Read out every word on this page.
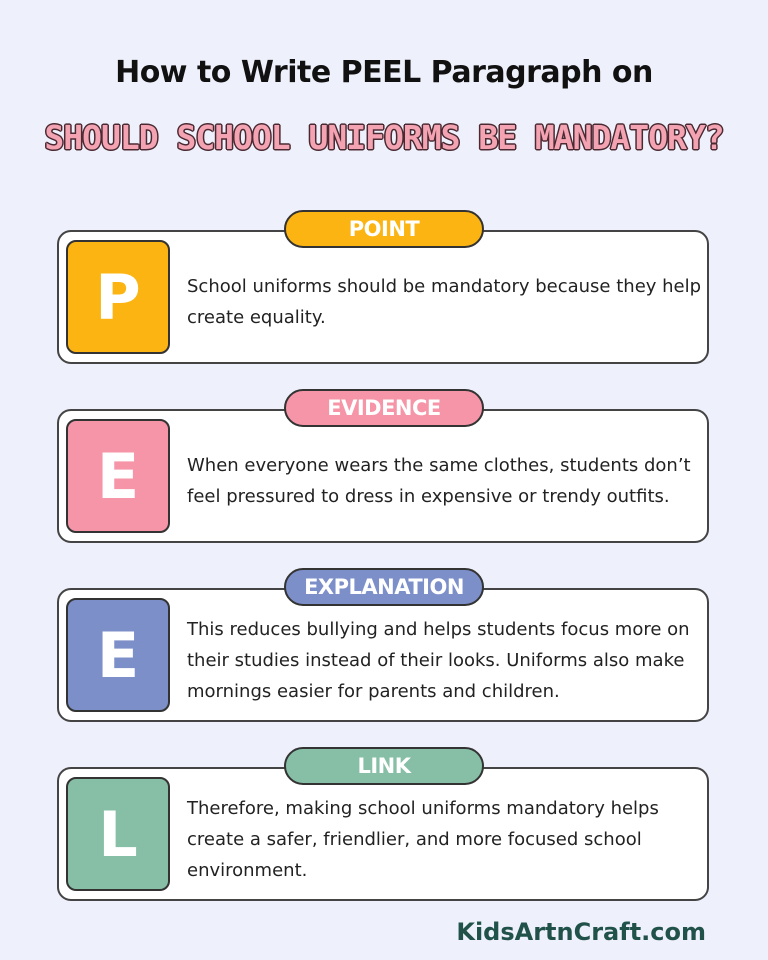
How to Write PEEL Paragraph on
SHOULD SCHOOL UNIFORMS BE MANDATORY?
P
POINT
School uniforms should be mandatory because they help create equality.
E
EVIDENCE
When everyone wears the same clothes, students don’t feel pressured to dress in expensive or trendy outfits.
E
EXPLANATION
This reduces bullying and helps students focus more on their studies instead of their looks. Uniforms also make mornings easier for parents and children.
L
LINK
Therefore, making school uniforms mandatory helps create a safer, friendlier, and more focused school environment.
KidsArtnCraft.com
